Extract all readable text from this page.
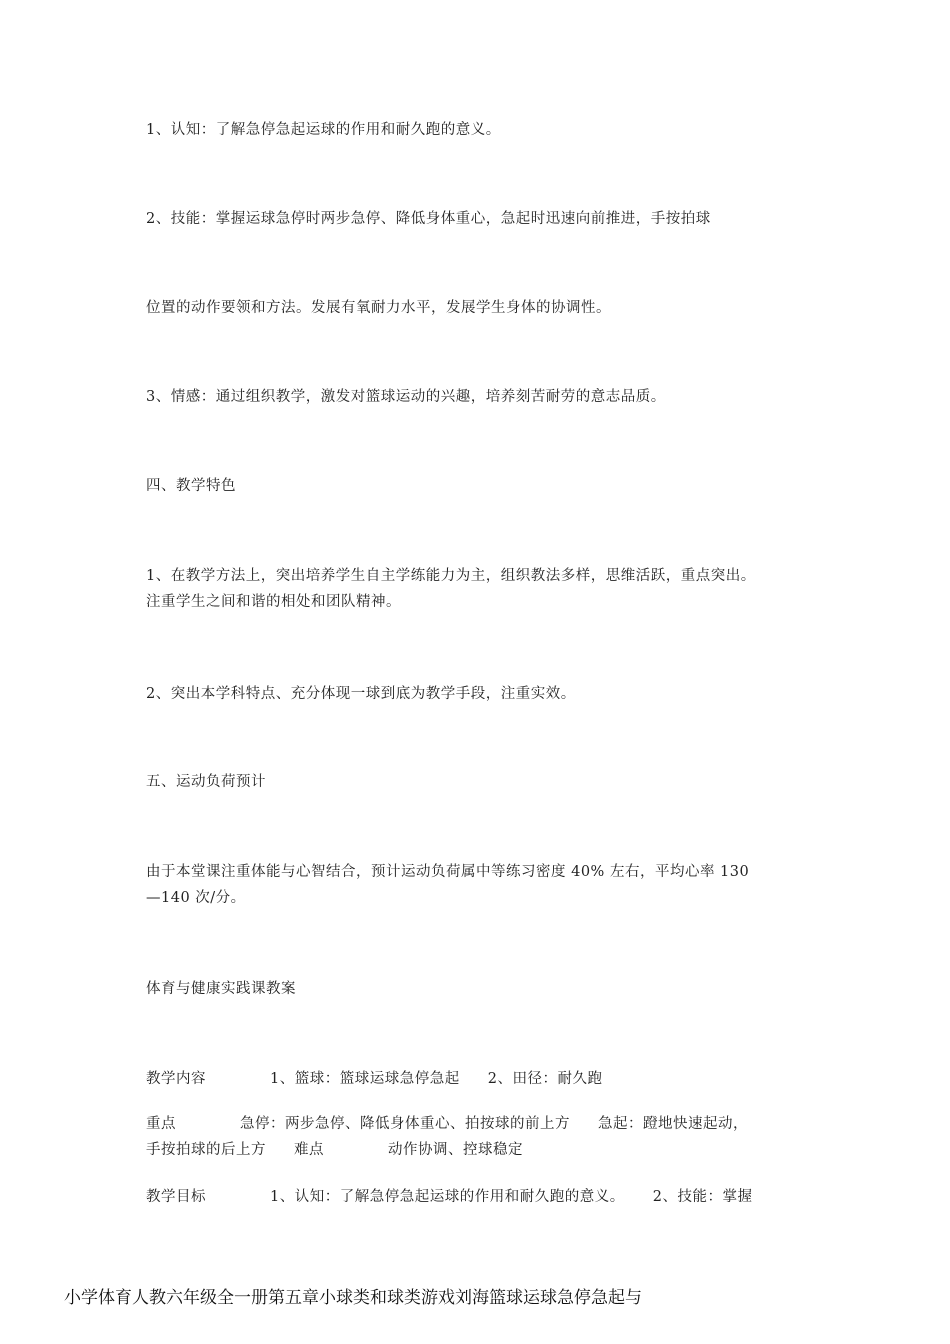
1、认知：了解急停急起运球的作用和耐久跑的意义。

2、技能：掌握运球急停时两步急停、降低身体重心，急起时迅速向前推进，手按拍球

位置的动作要领和方法。发展有氧耐力水平，发展学生身体的协调性。

3、情感：通过组织教学，激发对篮球运动的兴趣，培养刻苦耐劳的意志品质。

四、教学特色

1、在教学方法上，突出培养学生自主学练能力为主，组织教法多样，思维活跃，重点突出。
注重学生之间和谐的相处和团队精神。

2、突出本学科特点、充分体现一球到底为教学手段，注重实效。

五、运动负荷预计

由于本堂课注重体能与心智结合，预计运动负荷属中等练习密度 40% 左右，平均心率 130
—140 次/分。

体育与健康实践课教案

教学内容	1、篮球：篮球运球急停急起 2、田径：耐久跑
重点	急停：两步急停、降低身体重心、拍按球的前上方 急起：蹬地快速起动，
手按拍球的后上方 难点	动作协调、控球稳定
教学目标	1、认知：了解急停急起运球的作用和耐久跑的意义。 2、技能：掌握
小学体育人教六年级全一册第五章小球类和球类游戏刘海篮球运球急停急起与
